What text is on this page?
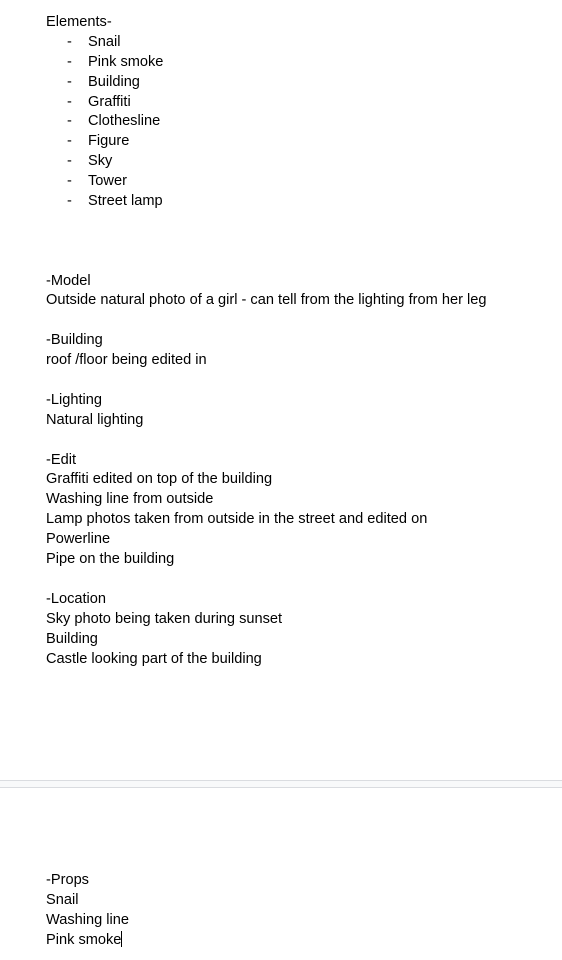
Elements-
- Snail
- Pink smoke
- Building
- Graffiti
- Clothesline
- Figure
- Sky
- Tower
- Street lamp
-Model
Outside natural photo of a girl - can tell from the lighting from her leg
-Building
roof /floor being edited in
-Lighting
Natural lighting
-Edit
Graffiti edited on top of the building
Washing line from outside
Lamp photos taken from outside in the street and edited on
Powerline
Pipe on the building
-Location
Sky photo being taken during sunset
Building
Castle looking part of the building
-Props
Snail
Washing line
Pink smoke
